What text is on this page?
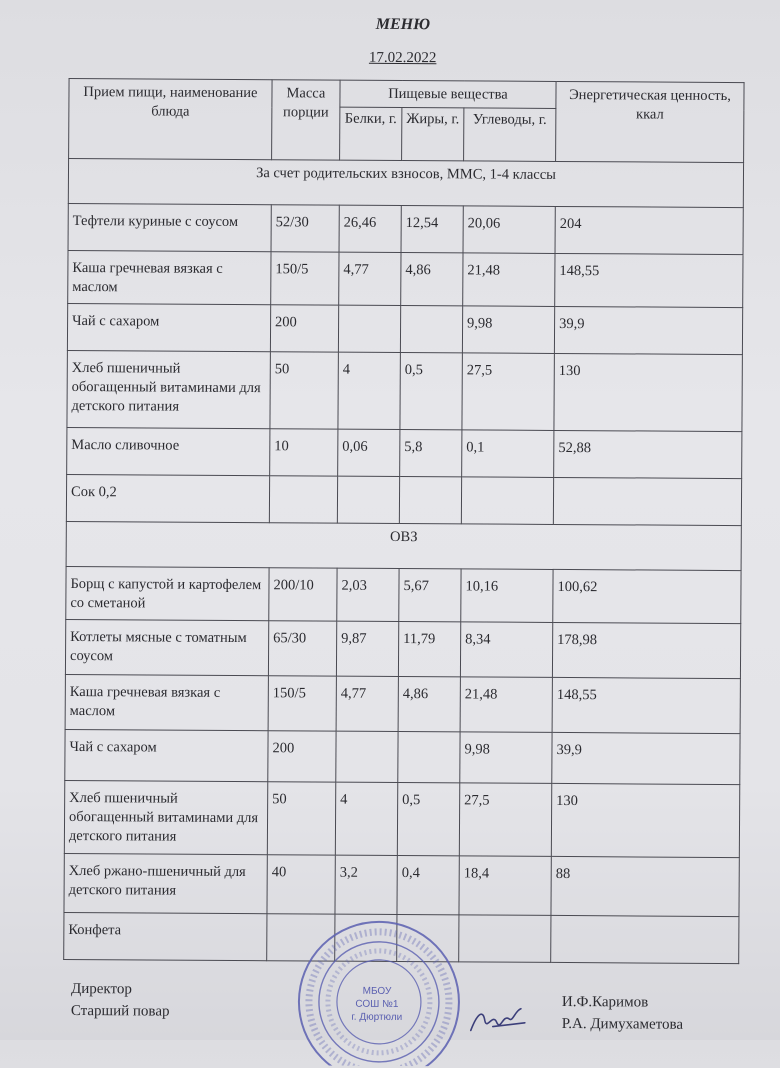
МЕНЮ
17.02.2022
Прием пищи, наименование блюда	Масса порции	Пищевые вещества			Энергетическая ценность, ккал
		Белки, г.	Жиры, г.	Углеводы, г.	
За счет родительских взносов, ММС, 1-4 классы					
Тефтели куриные с соусом	52/30	26,46	12,54	20,06	204
Каша гречневая вязкая с маслом	150/5	4,77	4,86	21,48	148,55
Чай с сахаром	200			9,98	39,9
Хлеб пшеничный обогащенный витаминами для детского питания	50	4	0,5	27,5	130
Масло сливочное	10	0,06	5,8	0,1	52,88
Сок 0,2					
ОВЗ					
Борщ с капустой и картофелем со сметаной	200/10	2,03	5,67	10,16	100,62
Котлеты мясные с томатным соусом	65/30	9,87	11,79	8,34	178,98
Каша гречневая вязкая с маслом	150/5	4,77	4,86	21,48	148,55
Чай с сахаром	200			9,98	39,9
Хлеб пшеничный обогащенный витаминами для детского питания	50	4	0,5	27,5	130
Хлеб ржано-пшеничный для детского питания	40	3,2	0,4	18,4	88
Конфета					
Директор
Старший повар
И.Ф.Каримов
Р.А. Димухаметова
МБОУ
СОШ №1
г. Дюртюли
